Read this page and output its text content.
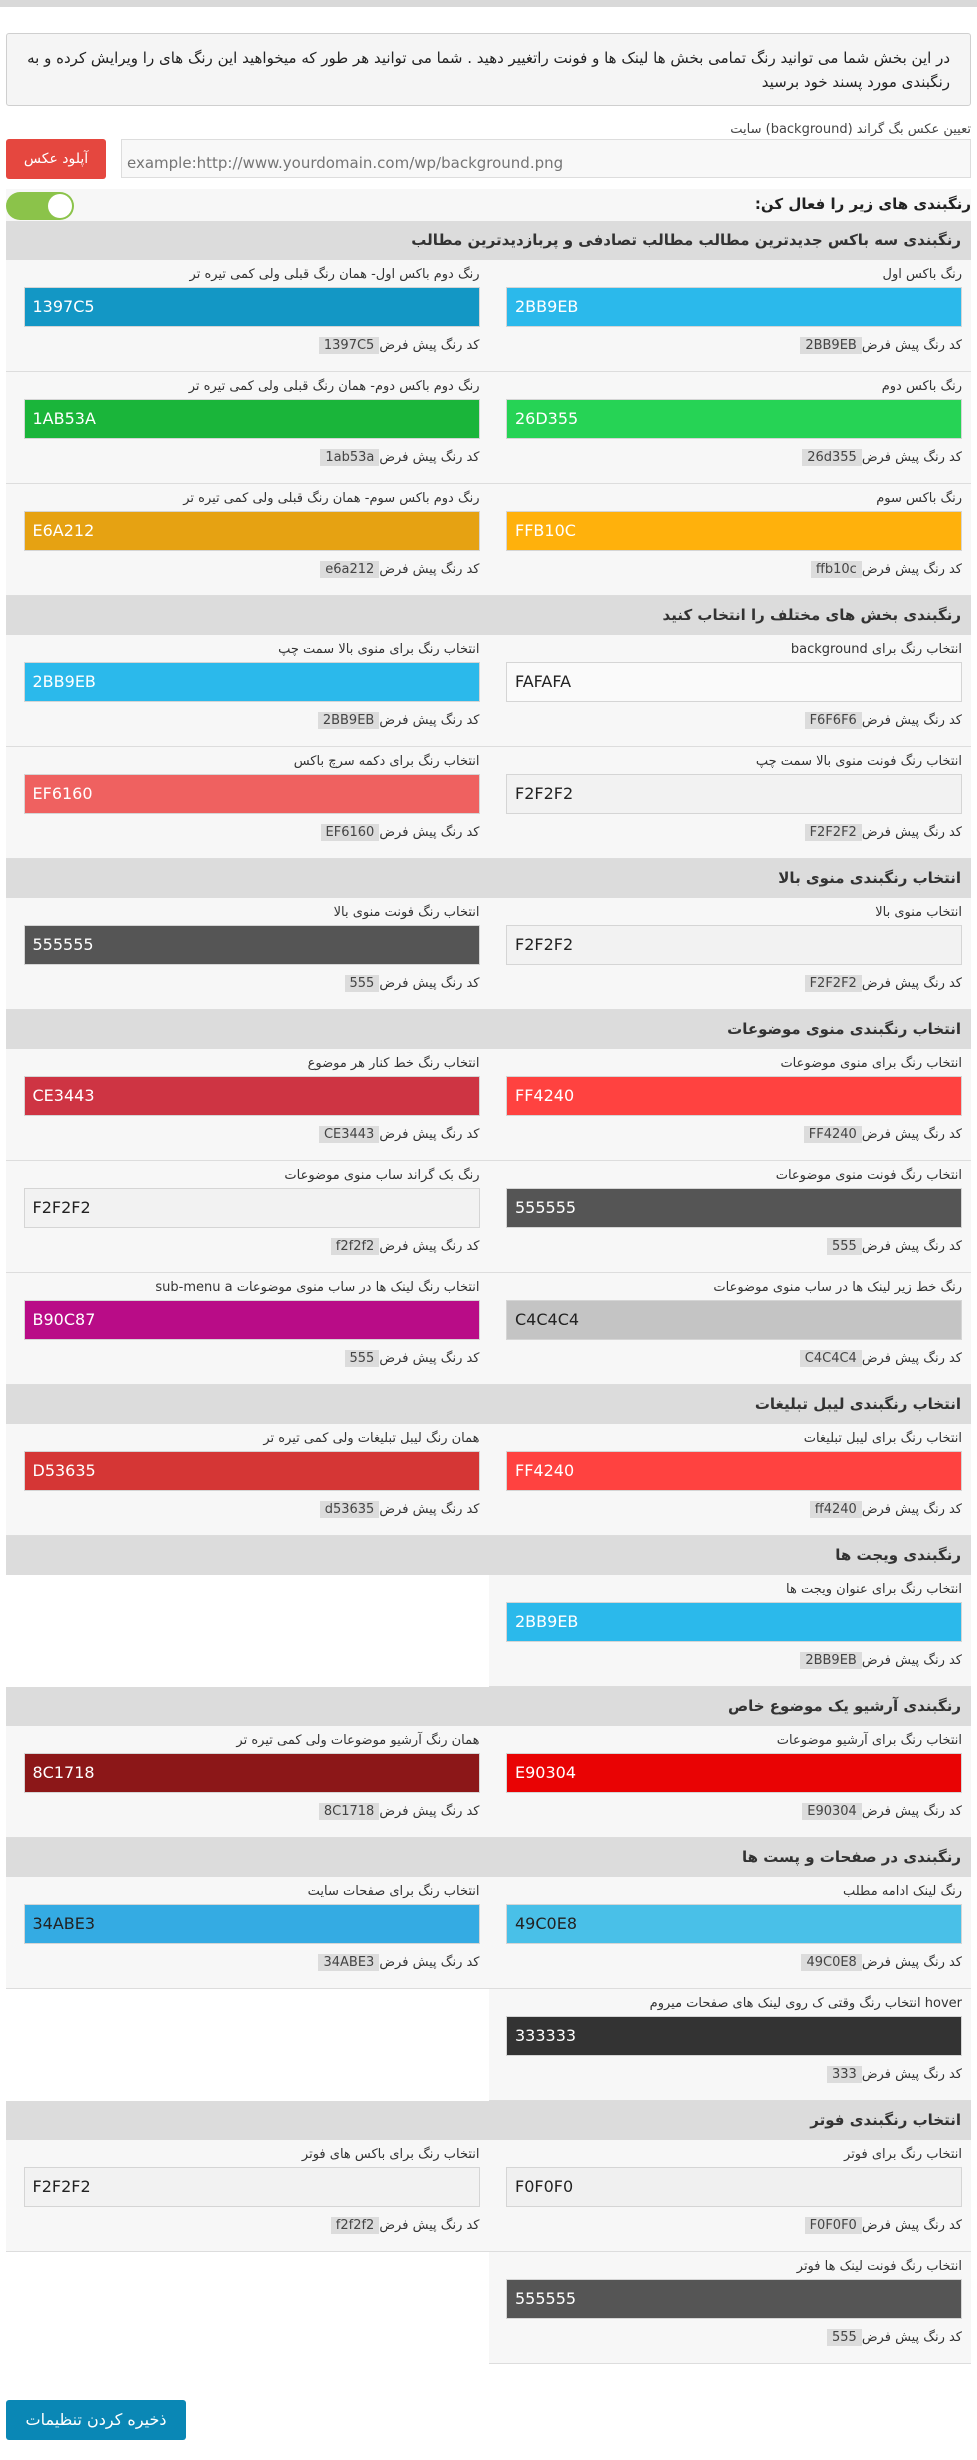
در این بخش شما می توانید رنگ تمامی بخش ها لینک ها و فونت راتغییر دهید . شما می توانید هر طور که میخواهید این رنگ های را ویرایش کرده و به رنگبندی مورد پسند خود برسید
تعیین عکس بگ گراند (background) سایت
example:http://www.yourdomain.com/wp/background.png
آپلود عکس
رنگبندی های زیر را فعال کن:
رنگبندی سه باکس جدیدترین مطالب مطالب تصادفی و پربازدیدترین مطالب
رنگ باکس اول
2BB9EB
کد رنگ پیش فرض2BB9EB
رنگ دوم باکس اول- همان رنگ قبلی ولی کمی تیره تر
1397C5
کد رنگ پیش فرض1397C5
رنگ باکس دوم
26D355
کد رنگ پیش فرض26d355
رنگ دوم باکس دوم- همان رنگ قبلی ولی کمی تیره تر
1AB53A
کد رنگ پیش فرض1ab53a
رنگ باکس سوم
FFB10C
کد رنگ پیش فرضffb10c
رنگ دوم باکس سوم- همان رنگ قبلی ولی کمی تیره تر
E6A212
کد رنگ پیش فرضe6a212
رنگبندی بخش های مختلف را انتخاب کنید
انتخاب رنگ برای background
FAFAFA
کد رنگ پیش فرضF6F6F6
انتخاب رنگ برای منوی بالا سمت چپ
2BB9EB
کد رنگ پیش فرض2BB9EB
انتخاب رنگ فونت منوی بالا سمت چپ
F2F2F2
کد رنگ پیش فرضF2F2F2
انتخاب رنگ برای دکمه سرچ باکس
EF6160
کد رنگ پیش فرضEF6160
انتخاب رنگبندی منوی بالا
انتخاب منوی بالا
F2F2F2
کد رنگ پیش فرضF2F2F2
انتخاب رنگ فونت منوی بالا
555555
کد رنگ پیش فرض555
انتخاب رنگبندی منوی موضوعات
انتخاب رنگ برای منوی موضوعات
FF4240
کد رنگ پیش فرضFF4240
انتخاب رنگ خط کنار هر موضوع
CE3443
کد رنگ پیش فرضCE3443
انتخاب رنگ فونت منوی موضوعات
555555
کد رنگ پیش فرض555
رنگ بک گراند ساب منوی موضوعات
F2F2F2
کد رنگ پیش فرضf2f2f2
رنگ خط زیر لینک ها در ساب منوی موضوعات
C4C4C4
کد رنگ پیش فرضC4C4C4
انتخاب رنگ لینک ها در ساب منوی موضوعات sub-menu a
B90C87
کد رنگ پیش فرض555
انتخاب رنگبندی لیبل تبلیغات
انتخاب رنگ برای لیبل تبلیغات
FF4240
کد رنگ پیش فرضff4240
همان رنگ لیبل تبلیغات ولی کمی تیره تر
D53635
کد رنگ پیش فرضd53635
رنگبندی ویجت ها
انتخاب رنگ برای عنوان ویجت ها
2BB9EB
کد رنگ پیش فرض2BB9EB
رنگبندی آرشیو یک موضوع خاص
انتخاب رنگ برای آرشیو موضوعات
E90304
کد رنگ پیش فرضE90304
همان رنگ آرشیو موضوعات ولی کمی تیره تر
8C1718
کد رنگ پیش فرض8C1718
رنگبندی در صفحات و پست ها
رنگ لینک ادامه مطلب
49C0E8
کد رنگ پیش فرض49C0E8
انتخاب رنگ برای صفحات سایت
34ABE3
کد رنگ پیش فرض34ABE3
hover انتخاب رنگ وقتی ک روی لینک های صفحات میروم
333333
کد رنگ پیش فرض333
انتخاب رنگبندی فوتر
انتخاب رنگ برای فوتر
F0F0F0
کد رنگ پیش فرضF0F0F0
انتخاب رنگ برای باکس های فوتر
F2F2F2
کد رنگ پیش فرضf2f2f2
انتخاب رنگ فونت لینک ها فوتر
555555
کد رنگ پیش فرض555
ذخیره کردن تنظیمات
